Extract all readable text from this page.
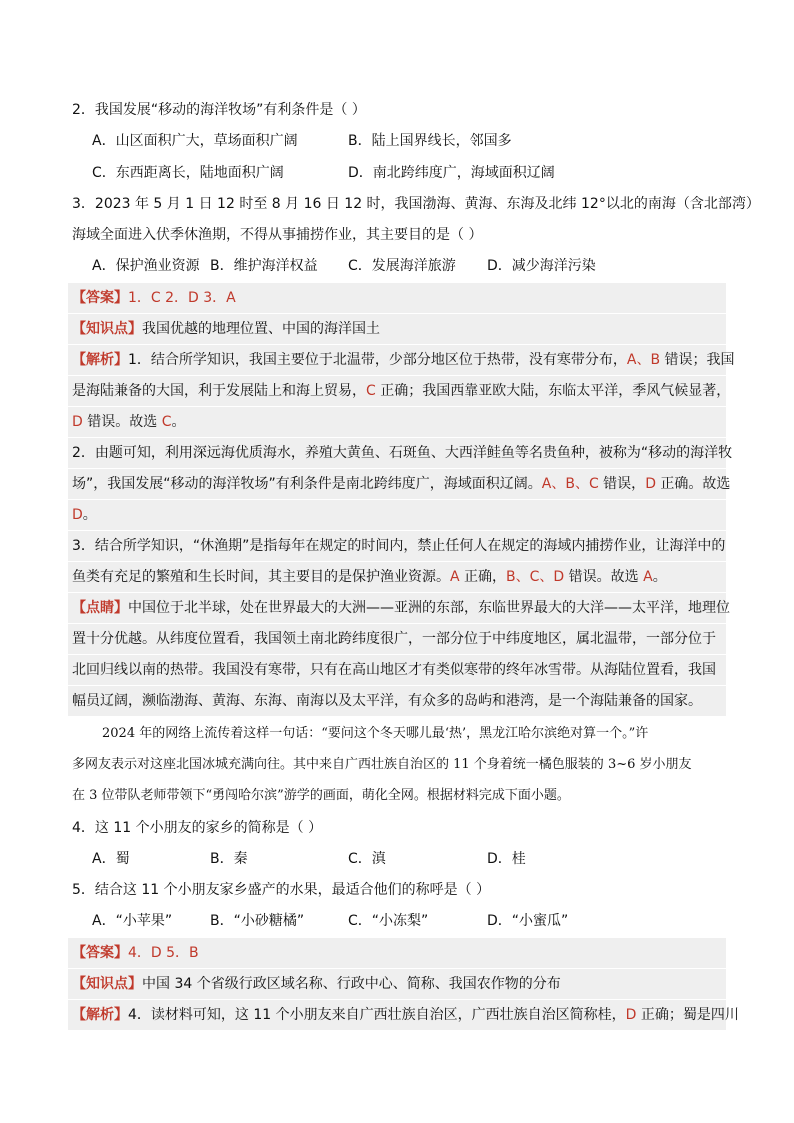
2．我国发展“移动的海洋牧场”有利条件是（ ）
A．山区面积广大，草场面积广阔	B．陆上国界线长，邻国多
C．东西距离长，陆地面积广阔	D．南北跨纬度广，海域面积辽阔
3．2023 年 5 月 1 日 12 时至 8 月 16 日 12 时，我国渤海、黄海、东海及北纬 12°以北的南海（含北部湾）
海域全面进入伏季休渔期，不得从事捕捞作业，其主要目的是（ ）
A．保护渔业资源 B．维护海洋权益 C．发展海洋旅游 D．减少海洋污染
【答案】1．C 2．D 3．A
【知识点】我国优越的地理位置、中国的海洋国土
【解析】1．结合所学知识，我国主要位于北温带，少部分地区位于热带，没有寒带分布，A、B 错误；我国
是海陆兼备的大国，利于发展陆上和海上贸易，C 正确；我国西靠亚欧大陆，东临太平洋，季风气候显著，
D 错误。故选 C。
2．由题可知，利用深远海优质海水，养殖大黄鱼、石斑鱼、大西洋鲑鱼等名贵鱼种，被称为“移动的海洋牧
场”，我国发展“移动的海洋牧场”有利条件是南北跨纬度广，海域面积辽阔。A、B、C 错误，D 正确。故选
D。
3．结合所学知识，“休渔期”是指每年在规定的时间内，禁止任何人在规定的海域内捕捞作业，让海洋中的
鱼类有充足的繁殖和生长时间，其主要目的是保护渔业资源。A 正确，B、C、D 错误。故选 A。
【点睛】中国位于北半球，处在世界最大的大洲——亚洲的东部，东临世界最大的大洋——太平洋，地理位
置十分优越。从纬度位置看，我国领土南北跨纬度很广，一部分位于中纬度地区，属北温带，一部分位于
北回归线以南的热带。我国没有寒带，只有在高山地区才有类似寒带的终年冰雪带。从海陆位置看，我国
幅员辽阔，濒临渤海、黄海、东海、南海以及太平洋，有众多的岛屿和港湾，是一个海陆兼备的国家。
2024 年的网络上流传着这样一句话：“要问这个冬天哪儿最‘热’，黑龙江哈尔滨绝对算一个。”许
多网友表示对这座北国冰城充满向往。其中来自广西壮族自治区的 11 个身着统一橘色服装的 3~6 岁小朋友
在 3 位带队老师带领下“勇闯哈尔滨”游学的画面，萌化全网。根据材料完成下面小题。
4．这 11 个小朋友的家乡的简称是（ ）
A．蜀	B．秦	C．滇	D．桂
5．结合这 11 个小朋友家乡盛产的水果，最适合他们的称呼是（ ）
A．“小苹果”	B．“小砂糖橘”	C．“小冻梨”	D．“小蜜瓜”
【答案】4．D 5．B
【知识点】中国 34 个省级行政区域名称、行政中心、简称、我国农作物的分布
【解析】4．读材料可知，这 11 个小朋友来自广西壮族自治区，广西壮族自治区简称桂，D 正确；蜀是四川
